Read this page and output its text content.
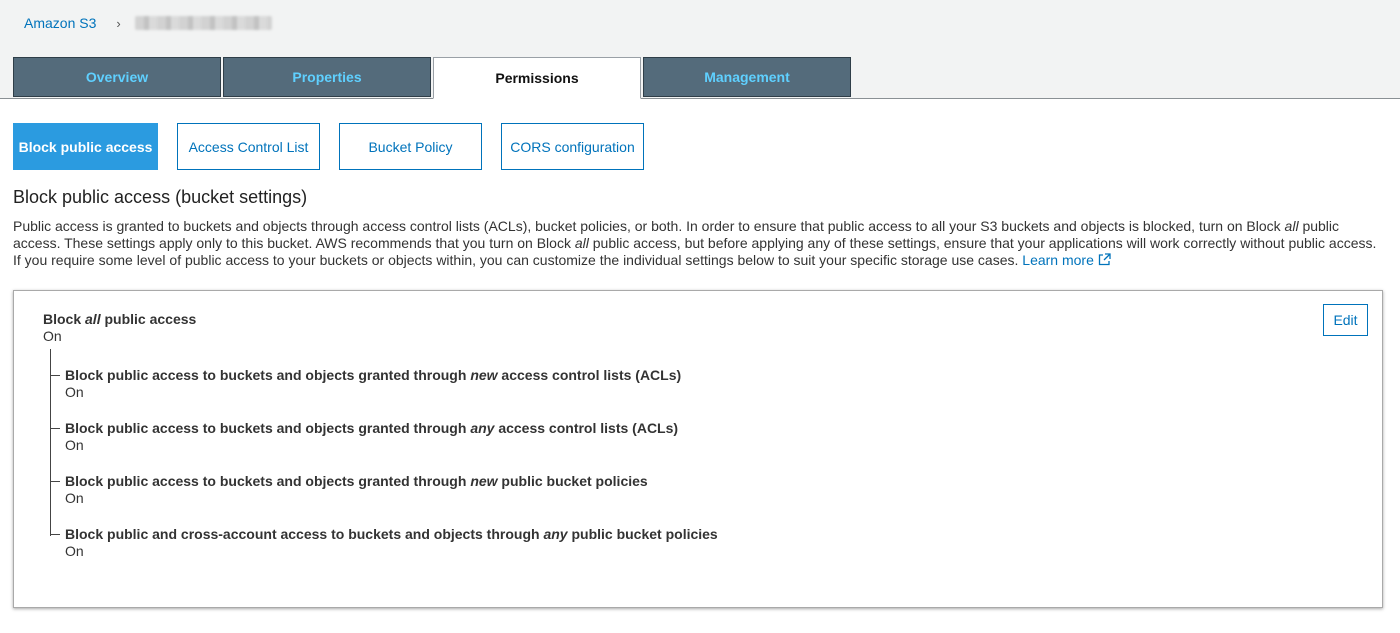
Amazon S3 ›
Overview	Properties	Permissions	Management
Block public access	Access Control List	Bucket Policy	CORS configuration
Block public access (bucket settings)
Public access is granted to buckets and objects through access control lists (ACLs), bucket policies, or both. In order to ensure that public access to all your S3 buckets and objects is blocked, turn on Block all public access. These settings apply only to this bucket. AWS recommends that you turn on Block all public access, but before applying any of these settings, ensure that your applications will work correctly without public access. If you require some level of public access to your buckets or objects within, you can customize the individual settings below to suit your specific storage use cases. Learn more
Edit
Block all public access
On
Block public access to buckets and objects granted through new access control lists (ACLs)
On
Block public access to buckets and objects granted through any access control lists (ACLs)
On
Block public access to buckets and objects granted through new public bucket policies
On
Block public and cross-account access to buckets and objects through any public bucket policies
On
